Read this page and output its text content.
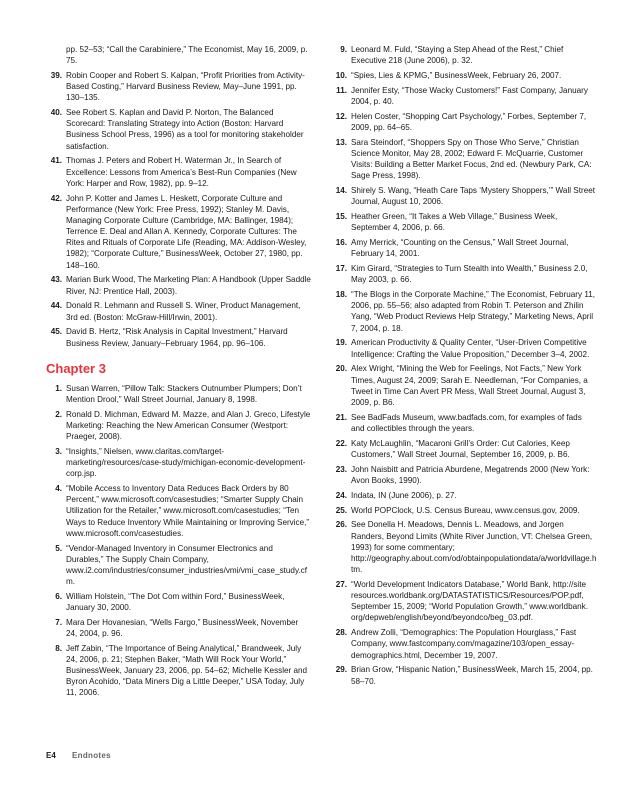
pp. 52–53; “Call the Carabiniere,” The Economist, May 16, 2009, p. 75.
39. Robin Cooper and Robert S. Kalpan, “Profit Priorities from Activity-Based Costing,” Harvard Business Review, May–June 1991, pp. 130–135.
40. See Robert S. Kaplan and David P. Norton, The Balanced Scorecard: Translating Strategy into Action (Boston: Harvard Business School Press, 1996) as a tool for monitoring stakeholder satisfaction.
41. Thomas J. Peters and Robert H. Waterman Jr., In Search of Excellence: Lessons from America’s Best-Run Companies (New York: Harper and Row, 1982), pp. 9–12.
42. John P. Kotter and James L. Heskett, Corporate Culture and Performance (New York: Free Press, 1992); Stanley M. Davis, Managing Corporate Culture (Cambridge, MA: Ballinger, 1984); Terrence E. Deal and Allan A. Kennedy, Corporate Cultures: The Rites and Rituals of Corporate Life (Reading, MA: Addison-Wesley, 1982); “Corporate Culture,” BusinessWeek, October 27, 1980, pp. 148–160.
43. Marian Burk Wood, The Marketing Plan: A Handbook (Upper Saddle River, NJ: Prentice Hall, 2003).
44. Donald R. Lehmann and Russell S. Winer, Product Management, 3rd ed. (Boston: McGraw-Hill/Irwin, 2001).
45. David B. Hertz, “Risk Analysis in Capital Investment,” Harvard Business Review, January–February 1964, pp. 96–106.
Chapter 3
1. Susan Warren, “Pillow Talk: Stackers Outnumber Plumpers; Don’t Mention Drool,” Wall Street Journal, January 8, 1998.
2. Ronald D. Michman, Edward M. Mazze, and Alan J. Greco, Lifestyle Marketing: Reaching the New American Consumer (Westport: Praeger, 2008).
3. “Insights,” Nielsen, www.claritas.com/target-marketing/resources/case-study/michigan-economic-development-corp.jsp.
4. “Mobile Access to Inventory Data Reduces Back Orders by 80 Percent,” www.microsoft.com/casestudies; “Smarter Supply Chain Utilization for the Retailer,” www.microsoft.com/casestudies; “Ten Ways to Reduce Inventory While Maintaining or Improving Service,” www.microsoft.com/casestudies.
5. “Vendor-Managed Inventory in Consumer Electronics and Durables,” The Supply Chain Company, www.i2.com/industries/consumer_industries/vmi/vmi_case_study.cfm.
6. William Holstein, “The Dot Com within Ford,” BusinessWeek, January 30, 2000.
7. Mara Der Hovanesian, “Wells Fargo,” BusinessWeek, November 24, 2004, p. 96.
8. Jeff Zabin, “The Importance of Being Analytical,” Brandweek, July 24, 2006, p. 21; Stephen Baker, “Math Will Rock Your World,” BusinessWeek, January 23, 2006, pp. 54–62; Michelle Kessler and Byron Acohido, “Data Miners Dig a Little Deeper,” USA Today, July 11, 2006.
9. Leonard M. Fuld, “Staying a Step Ahead of the Rest,” Chief Executive 218 (June 2006), p. 32.
10. “Spies, Lies & KPMG,” BusinessWeek, February 26, 2007.
11. Jennifer Esty, “Those Wacky Customers!” Fast Company, January 2004, p. 40.
12. Helen Coster, “Shopping Cart Psychology,” Forbes, September 7, 2009, pp. 64–65.
13. Sara Steindorf, “Shoppers Spy on Those Who Serve,” Christian Science Monitor, May 28, 2002; Edward F. McQuarrie, Customer Visits: Building a Better Market Focus, 2nd ed. (Newbury Park, CA: Sage Press, 1998).
14. Shirely S. Wang, “Heath Care Taps ‘Mystery Shoppers,’” Wall Street Journal, August 10, 2006.
15. Heather Green, “It Takes a Web Village,” Business Week, September 4, 2006, p. 66.
16. Amy Merrick, “Counting on the Census,” Wall Street Journal, February 14, 2001.
17. Kim Girard, “Strategies to Turn Stealth into Wealth,” Business 2.0, May 2003, p. 66.
18. “The Blogs in the Corporate Machine,” The Economist, February 11, 2006, pp. 55–56; also adapted from Robin T. Peterson and Zhilin Yang, “Web Product Reviews Help Strategy,” Marketing News, April 7, 2004, p. 18.
19. American Productivity & Quality Center, “User-Driven Competitive Intelligence: Crafting the Value Proposition,” December 3–4, 2002.
20. Alex Wright, “Mining the Web for Feelings, Not Facts,” New York Times, August 24, 2009; Sarah E. Needleman, “For Companies, a Tweet in Time Can Avert PR Mess, Wall Street Journal, August 3, 2009, p. B6.
21. See BadFads Museum, www.badfads.com, for examples of fads and collectibles through the years.
22. Katy McLaughlin, “Macaroni Grill’s Order: Cut Calories, Keep Customers,” Wall Street Journal, September 16, 2009, p. B6.
23. John Naisbitt and Patricia Aburdene, Megatrends 2000 (New York: Avon Books, 1990).
24. Indata, IN (June 2006), p. 27.
25. World POPClock, U.S. Census Bureau, www.census.gov, 2009.
26. See Donella H. Meadows, Dennis L. Meadows, and Jorgen Randers, Beyond Limits (White River Junction, VT: Chelsea Green, 1993) for some commentary; http://geography.about.com/od/obtainpopulationdata/a/worldvillage.htm.
27. “World Development Indicators Database,” World Bank, http://site resources.worldbank.org/DATASTATISTICS/Resources/POP.pdf, September 15, 2009; “World Population Growth,” www.worldbank. org/depweb/english/beyond/beyondco/beg_03.pdf.
28. Andrew Zolli, “Demographics: The Population Hourglass,” Fast Company, www.fastcompany.com/magazine/103/open_essay-demographics.html, December 19, 2007.
29. Brian Grow, “Hispanic Nation,” BusinessWeek, March 15, 2004, pp. 58–70.
E4 Endnotes
